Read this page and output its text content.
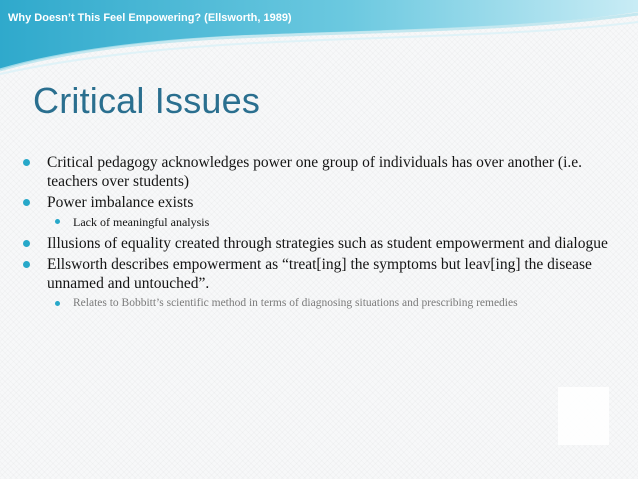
Why Doesn’t This Feel Empowering? (Ellsworth, 1989)
Critical Issues
Critical pedagogy acknowledges power one group of individuals has over another (i.e. teachers over students)
Power imbalance exists
Lack of meaningful analysis
Illusions of equality created through strategies such as student empowerment and dialogue
Ellsworth describes empowerment as “treat[ing] the symptoms but leav[ing] the disease unnamed and untouched”.
Relates to Bobbitt’s scientific method in terms of diagnosing situations and prescribing remedies
